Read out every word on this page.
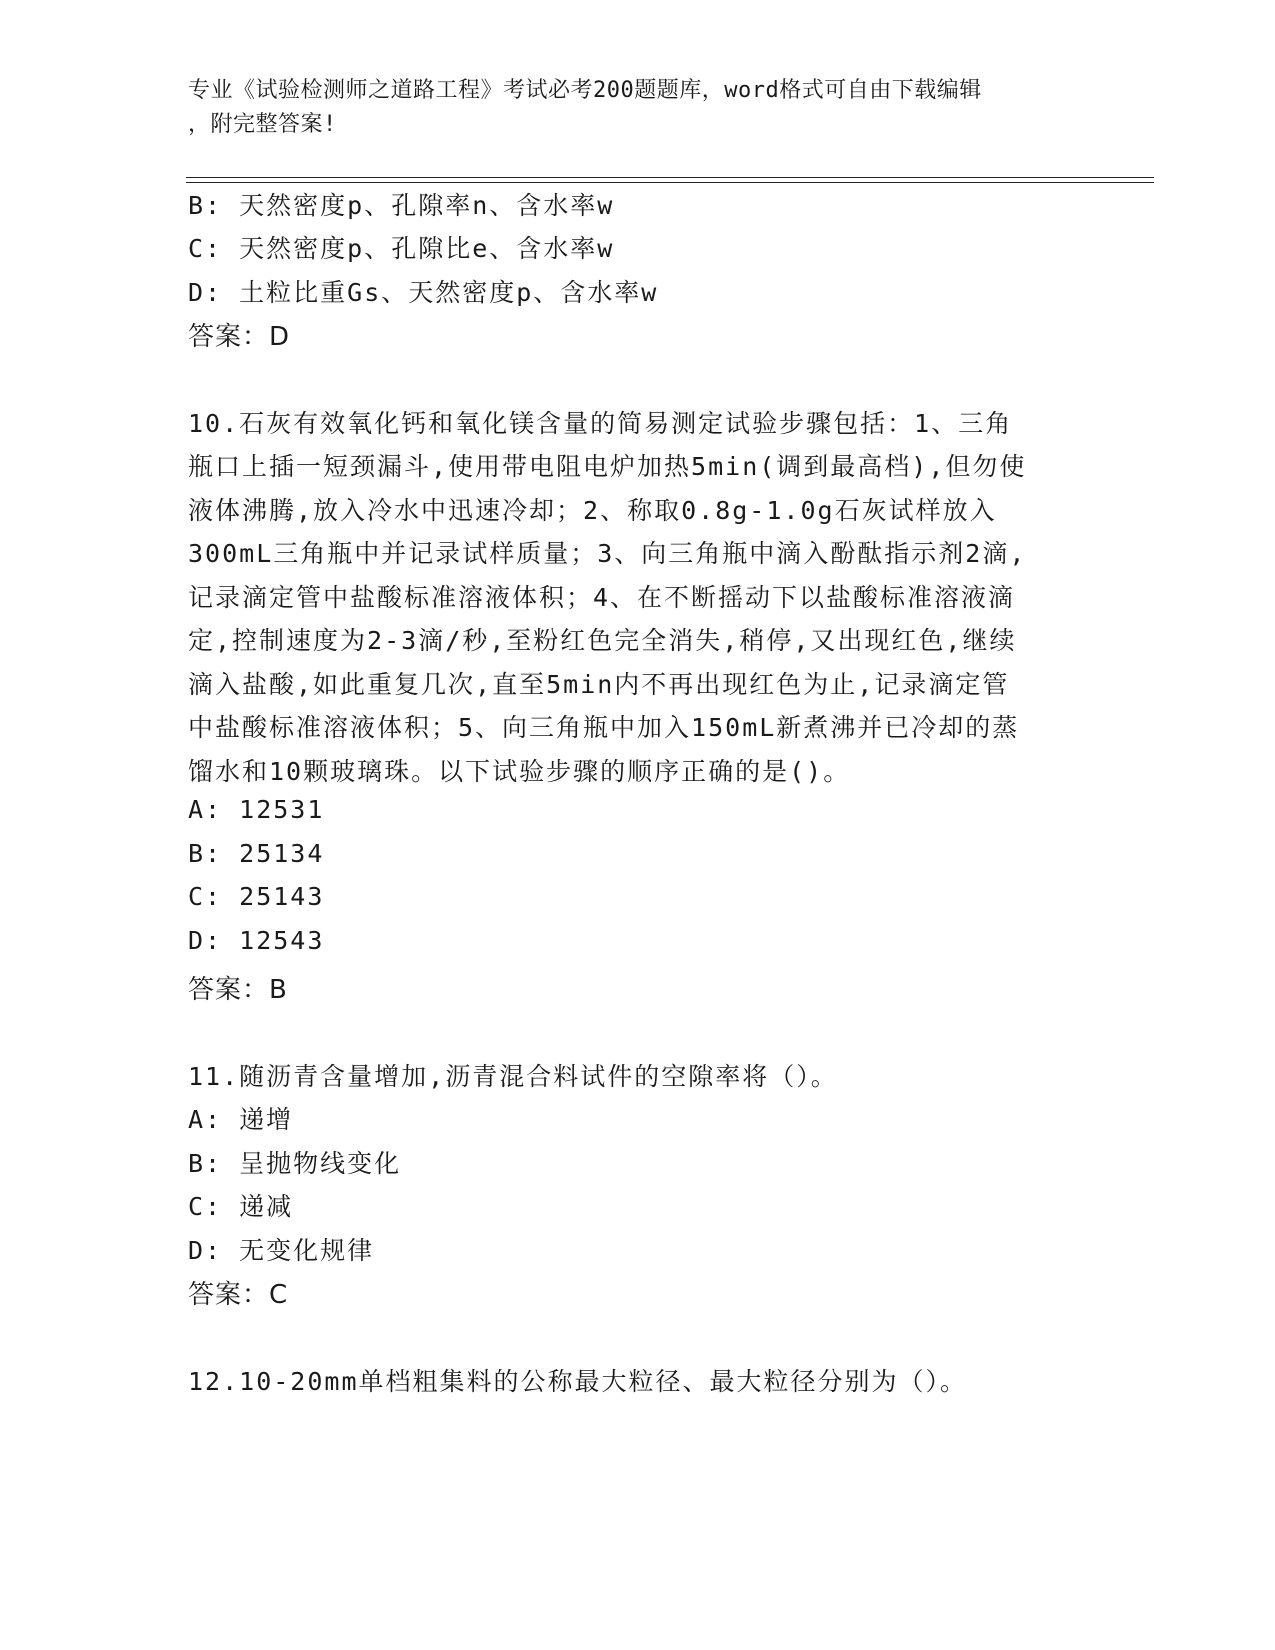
专业《试验检测师之道路工程》考试必考200题题库，word格式可自由下载编辑
，附完整答案!
B: 天然密度p、孔隙率n、含水率w
C: 天然密度p、孔隙比e、含水率w
D: 土粒比重Gs、天然密度p、含水率w
答案：D
10.石灰有效氧化钙和氧化镁含量的简易测定试验步骤包括：1、三角
瓶口上插一短颈漏斗,使用带电阻电炉加热5min(调到最高档),但勿使
液体沸腾,放入冷水中迅速冷却；2、称取0.8g-1.0g石灰试样放入
300mL三角瓶中并记录试样质量；3、向三角瓶中滴入酚酞指示剂2滴,
记录滴定管中盐酸标准溶液体积；4、在不断摇动下以盐酸标准溶液滴
定,控制速度为2-3滴/秒,至粉红色完全消失,稍停,又出现红色,继续
滴入盐酸,如此重复几次,直至5min内不再出现红色为止,记录滴定管
中盐酸标准溶液体积；5、向三角瓶中加入150mL新煮沸并已冷却的蒸
馏水和10颗玻璃珠。以下试验步骤的顺序正确的是()。
A: 12531
B: 25134
C: 25143
D: 12543
答案：B
11.随沥青含量增加,沥青混合料试件的空隙率将（）。
A: 递增
B: 呈抛物线变化
C: 递减
D: 无变化规律
答案：C
12.10-20mm单档粗集料的公称最大粒径、最大粒径分别为（）。
